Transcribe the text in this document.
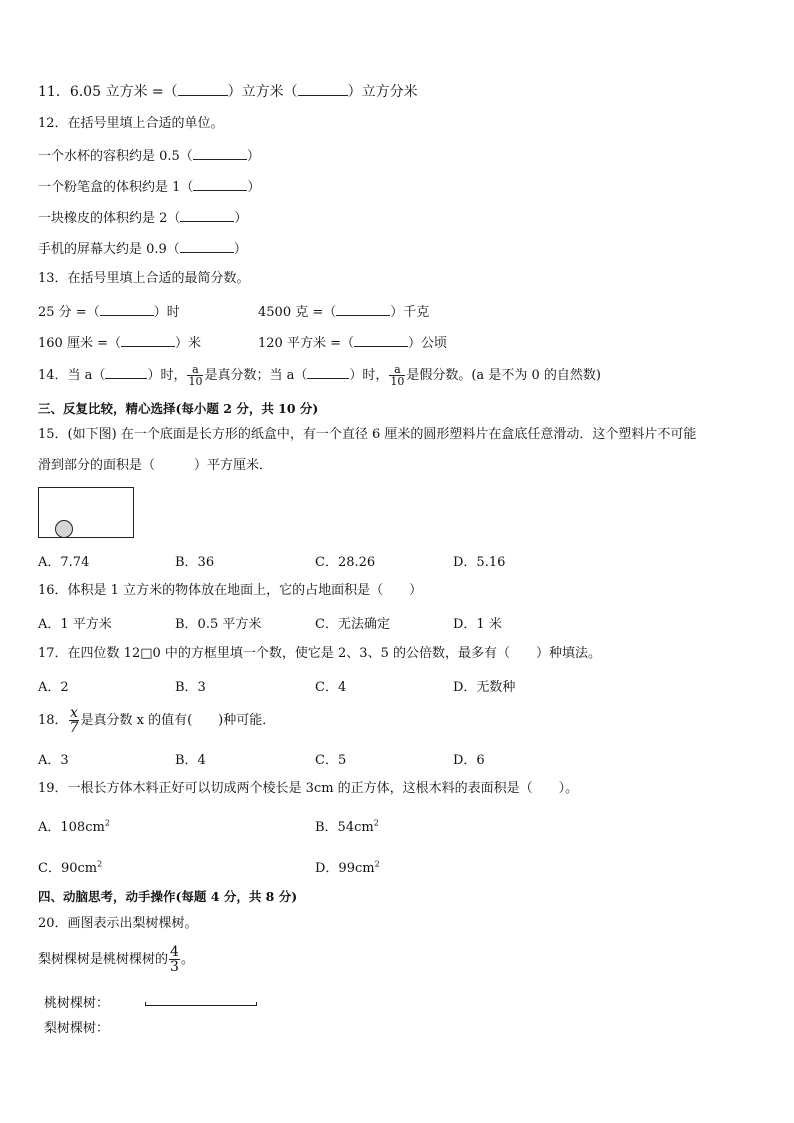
11．6.05 立方米 =（	）立方米（	）立方分米
12．在括号里填上合适的单位。
一个水杯的容积约是 0.5（	）
一个粉笔盒的体积约是 1（	）
一块橡皮的体积约是 2（	）
手机的屏幕大约是 0.9（	）
13．在括号里填上合适的最简分数。
25 分 =（	）时	4500 克 =（	）千克
160 厘米 =（	）米	120 平方米 =（	）公顷
14．当 a（	）时， $\frac{a}{10}$ 是真分数；当 a（	）时， $\frac{a}{10}$ 是假分数。(a 是不为 0 的自然数)
三、反复比较，精心选择(每小题 2 分，共 10 分)
15．(如下图) 在一个底面是长方形的纸盒中，有一个直径 6 厘米的圆形塑料片在盒底任意滑动．这个塑料片不可能
滑到部分的面积是（　　　）平方厘米．
A．7.74	B．36	C．28.26	D．5.16
16．体积是 1 立方米的物体放在地面上，它的占地面积是（　　）
A．1 平方米	B．0.5 平方米	C．无法确定	D．1 米
17．在四位数 12□0 中的方框里填一个数，使它是 2、3、5 的公倍数，最多有（　　）种填法。
A．2	B．3	C．4	D．无数种
18． $\frac{x}{7}$ 是真分数 x 的值有(　　)种可能．
A．3	B．4	C．5	D．6
19．一根长方体木料正好可以切成两个棱长是 3cm 的正方体，这根木料的表面积是（　　）。
A．$108cm^2$	B．$54cm^2$
C．$90cm^2$	D．$99cm^2$
四、动脑思考，动手操作(每题 4 分，共 8 分)
20．画图表示出梨树棵树。
梨树棵树是桃树棵树的 $\frac{4}{3}$ 。
桃树棵树：
梨树棵树：
